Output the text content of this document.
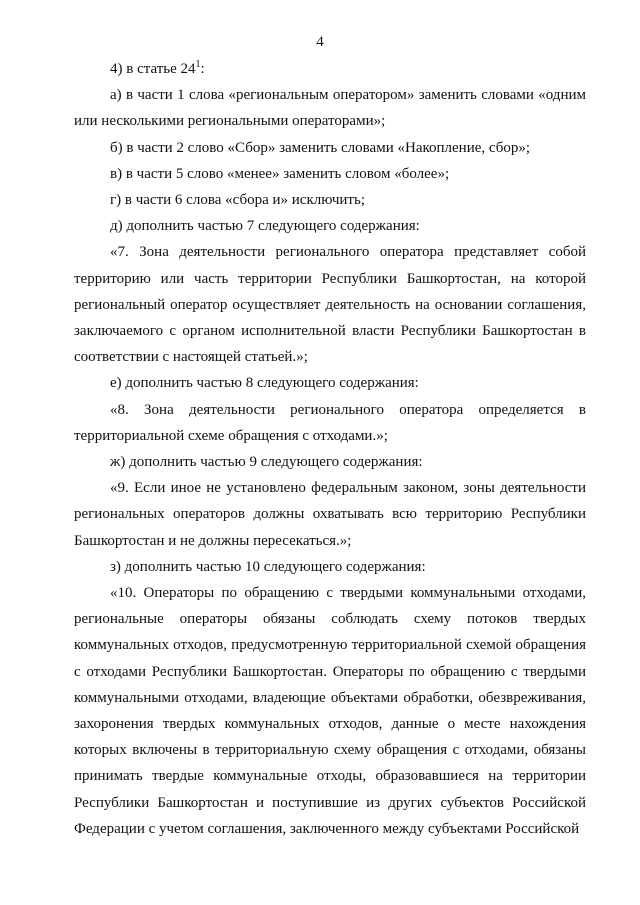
4

4) в статье $24^1$:

а) в части 1 слова «региональным оператором» заменить словами «одним или несколькими региональными операторами»;

б) в части 2 слово «Сбор» заменить словами «Накопление, сбор»;

в) в части 5 слово «менее» заменить словом «более»;

г) в части 6 слова «сбора и» исключить;

д) дополнить частью 7 следующего содержания:

«7. Зона деятельности регионального оператора представляет собой территорию или часть территории Республики Башкортостан, на которой региональный оператор осуществляет деятельность на основании соглашения, заключаемого с органом исполнительной власти Республики Башкортостан в соответствии с настоящей статьей.»;

е) дополнить частью 8 следующего содержания:

«8. Зона деятельности регионального оператора определяется в территориальной схеме обращения с отходами.»;

ж) дополнить частью 9 следующего содержания:

«9. Если иное не установлено федеральным законом, зоны деятельности региональных операторов должны охватывать всю территорию Республики Башкортостан и не должны пересекаться.»;

з) дополнить частью 10 следующего содержания:

«10. Операторы по обращению с твердыми коммунальными отходами, региональные операторы обязаны соблюдать схему потоков твердых коммунальных отходов, предусмотренную территориальной схемой обращения с отходами Республики Башкортостан. Операторы по обращению с твердыми коммунальными отходами, владеющие объектами обработки, обезвреживания, захоронения твердых коммунальных отходов, данные о месте нахождения которых включены в территориальную схему обращения с отходами, обязаны принимать твердые коммунальные отходы, образовавшиеся на территории Республики Башкортостан и поступившие из других субъектов Российской Федерации с учетом соглашения, заключенного между субъектами Российской
